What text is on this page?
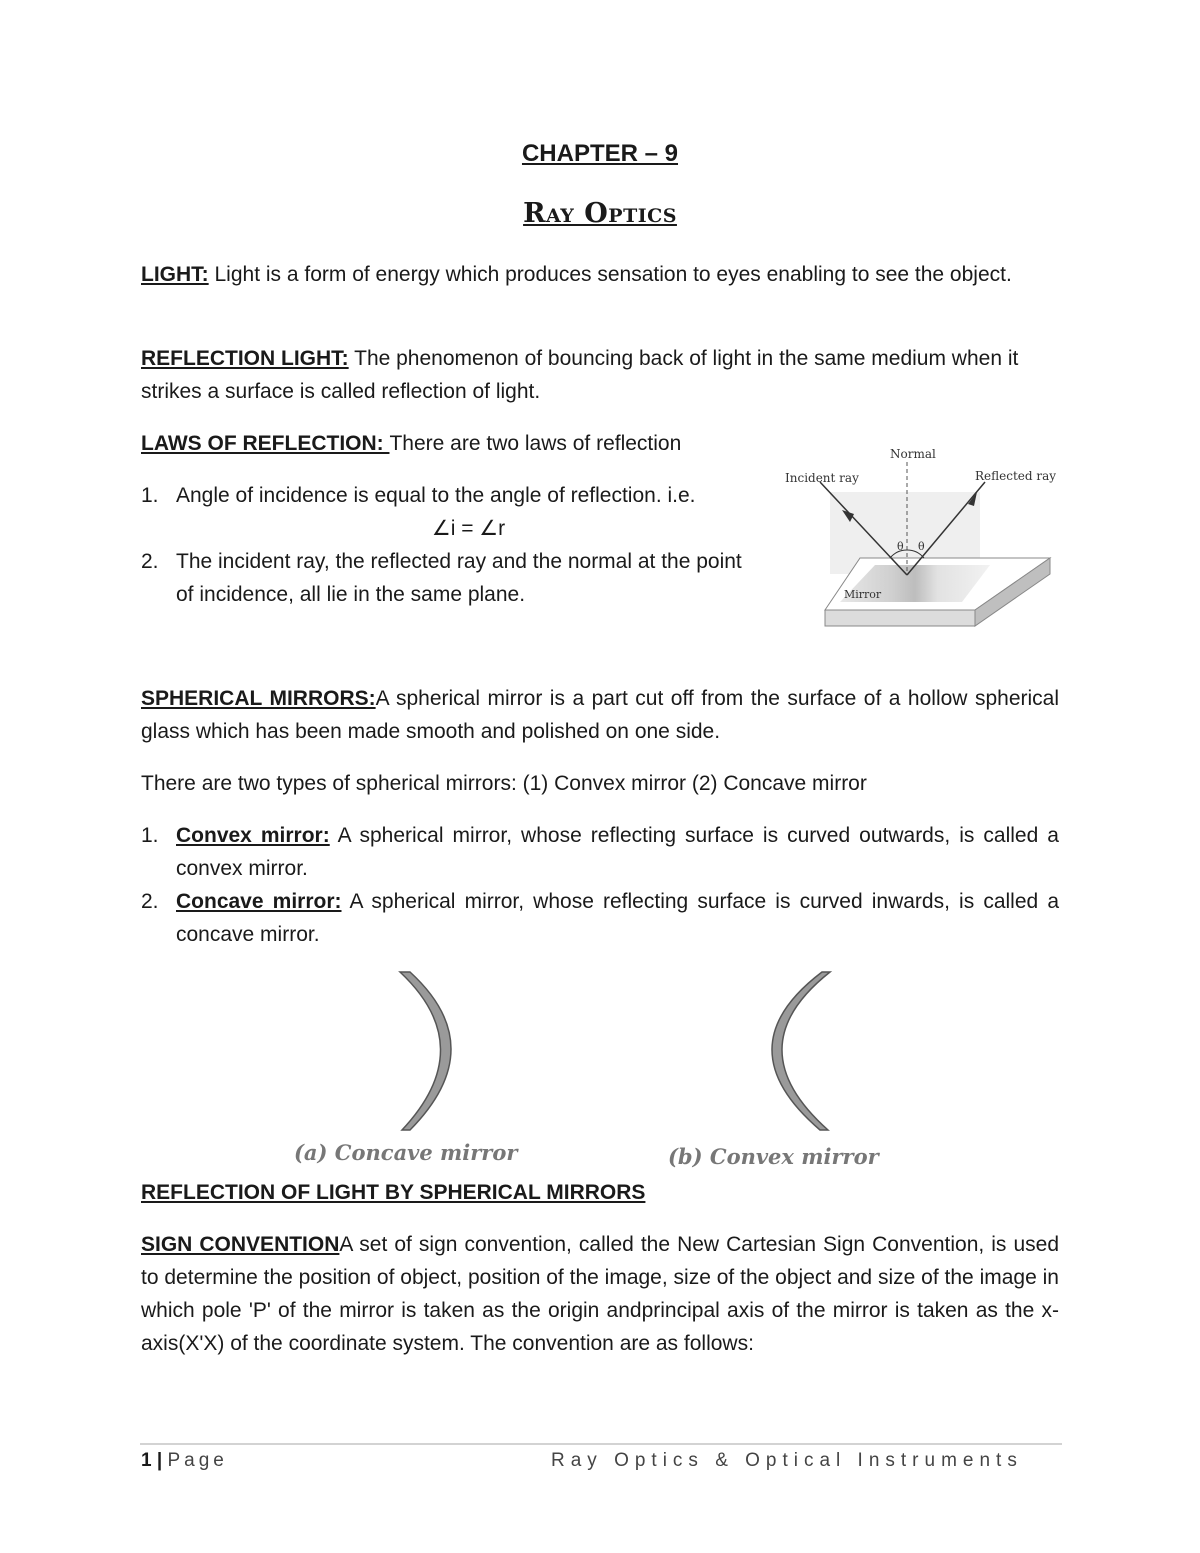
CHAPTER – 9
Ray Optics
LIGHT: Light is a form of energy which produces sensation to eyes enabling to see the object.
REFLECTION LIGHT: The phenomenon of bouncing back of light in the same medium when it strikes a surface is called reflection of light.
LAWS OF REFLECTION: There are two laws of reflection
1. Angle of incidence is equal to the angle of reflection. i.e.
∠i = ∠r
2. The incident ray, the reflected ray and the normal at the point of incidence, all lie in the same plane.
θ θ
Normal
Incident ray	Reflected ray
Mirror
SPHERICAL MIRRORS:A spherical mirror is a part cut off from the surface of a hollow spherical glass which has been made smooth and polished on one side.
There are two types of spherical mirrors: (1) Convex mirror (2) Concave mirror
1. Convex mirror: A spherical mirror, whose reflecting surface is curved outwards, is called a convex mirror.
2. Concave mirror: A spherical mirror, whose reflecting surface is curved inwards, is called a concave mirror.
(a) Concave mirror	(b) Convex mirror
REFLECTION OF LIGHT BY SPHERICAL MIRRORS
SIGN CONVENTIONA set of sign convention, called the New Cartesian Sign Convention, is used to determine the position of object, position of the image, size of the object and size of the image in which pole 'P' of the mirror is taken as the origin andprincipal axis of the mirror is taken as the x-axis(X'X) of the coordinate system. The convention are as follows:
1 | Page	Ray Optics & Optical Instruments
